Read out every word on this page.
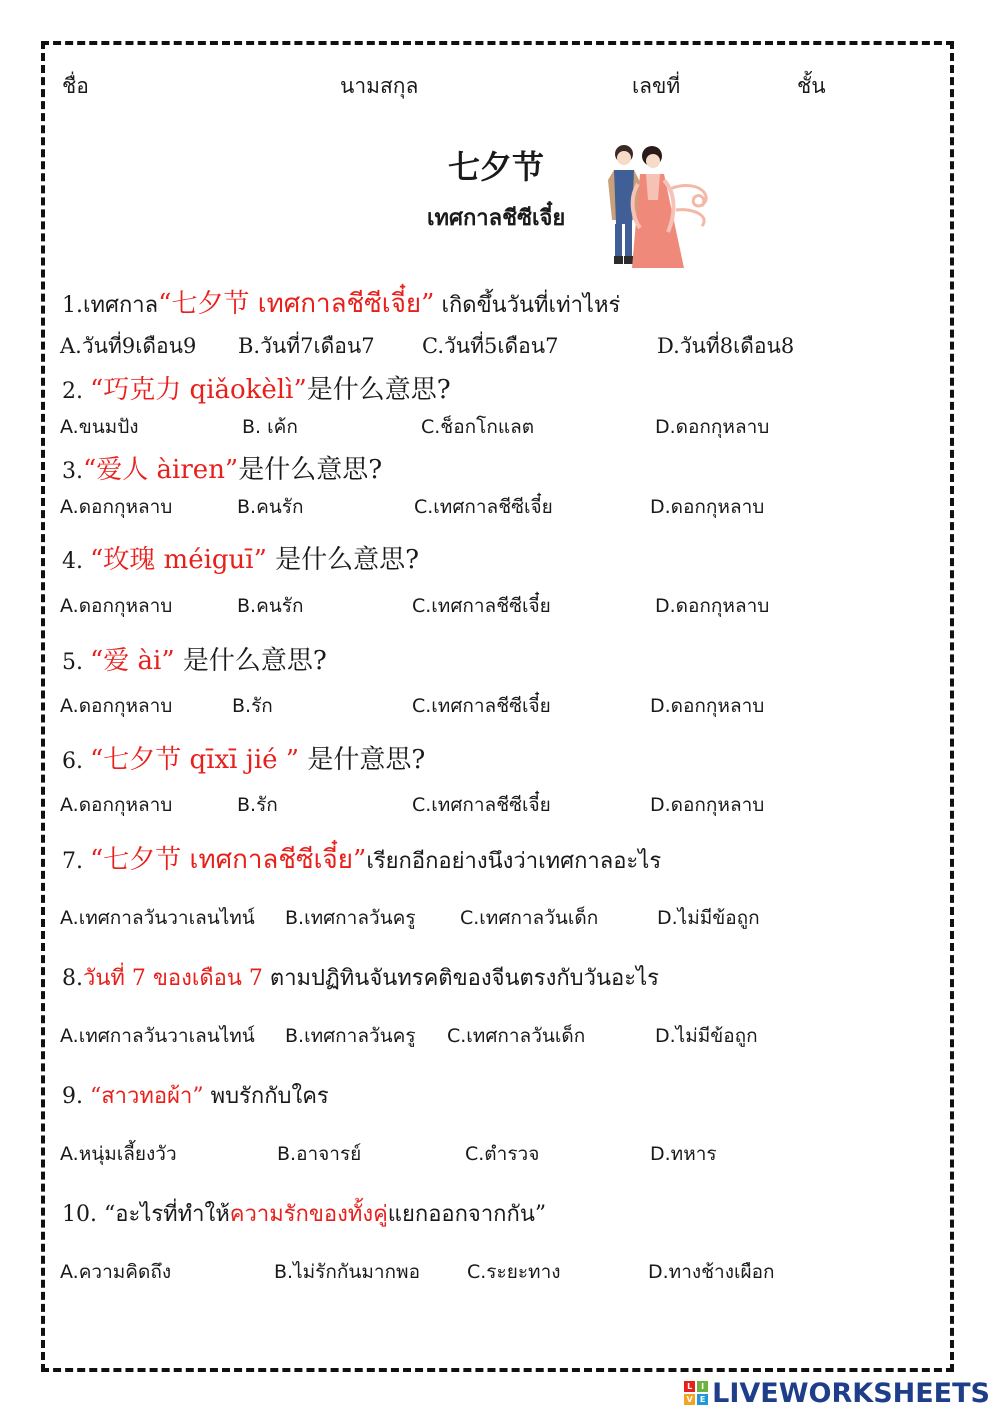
ชื่อ	นามสกุล	เลขที่	ชั้น
七夕节
เทศกาลชีซีเจี๋ย
1.เทศกาล“七夕节 เทศกาลชีซีเจี๋ย” เกิดขึ้นวันที่เท่าไหร่
A.วันที่9เดือน9 B.วันที่7เดือน7 C.วันที่5เดือน7	D.วันที่8เดือน8
2. “巧克力 qiǎokèlì”是什么意思?
A.ขนมปัง	B. เค้ก	C.ช็อกโกแลต	D.ดอกกุหลาบ
3.“爱人 àiren”是什么意思?
A.ดอกกุหลาบ	B.คนรัก	C.เทศกาลชีซีเจี๋ย	D.ดอกกุหลาบ
4. “玫瑰 méiguī” 是什么意思?
A.ดอกกุหลาบ	B.คนรัก	C.เทศกาลชีซีเจี๋ย	D.ดอกกุหลาบ
5. “爱 ài” 是什么意思?
A.ดอกกุหลาบ	B.รัก	C.เทศกาลชีซีเจี๋ย	D.ดอกกุหลาบ
6. “七夕节 qīxī jié ” 是什意思?
A.ดอกกุหลาบ	B.รัก	C.เทศกาลชีซีเจี๋ย	D.ดอกกุหลาบ
7. “七夕节 เทศกาลชีซีเจี๋ย”เรียกอีกอย่างนึงว่าเทศกาลอะไร
A.เทศกาลวันวาเลนไทน์ B.เทศกาลวันครู C.เทศกาลวันเด็ก	D.ไม่มีข้อถูก
8.วันที่ 7 ของเดือน 7 ตามปฏิทินจันทรคติของจีนตรงกับวันอะไร
A.เทศกาลวันวาเลนไทน์ B.เทศกาลวันครู C.เทศกาลวันเด็ก	D.ไม่มีข้อถูก
9. “สาวทอผ้า” พบรักกับใคร
A.หนุ่มเลี้ยงวัว	B.อาจารย์	C.ตำรวจ	D.ทหาร
10. “อะไรที่ทำให้ความรักของทั้งคู่แยกออกจากกัน”
A.ความคิดถึง	B.ไม่รักกันมากพอ C.ระยะทาง	D.ทางช้างเผือก
L	I
V E LIVEWORKSHEETS
